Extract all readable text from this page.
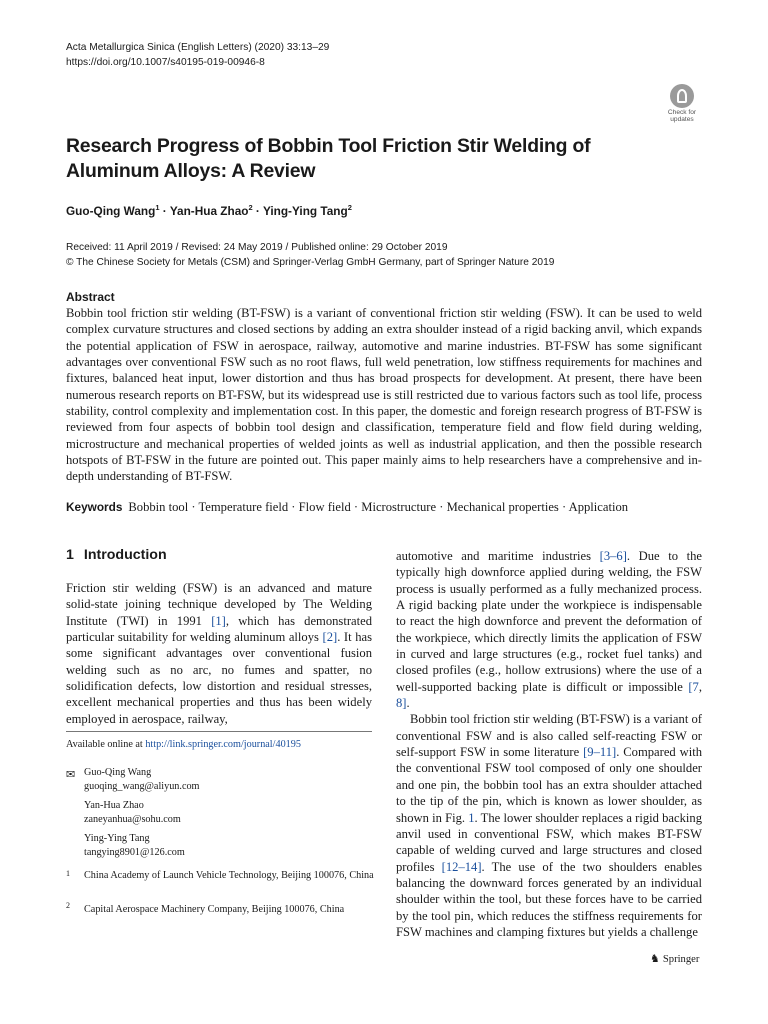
Acta Metallurgica Sinica (English Letters) (2020) 33:13–29
https://doi.org/10.1007/s40195-019-00946-8
Check for
updates
Research Progress of Bobbin Tool Friction Stir Welding of Aluminum Alloys: A Review
Guo-Qing Wang$^1$ · Yan-Hua Zhao$^2$ · Ying-Ying Tang$^2$
Received: 11 April 2019 / Revised: 24 May 2019 / Published online: 29 October 2019
© The Chinese Society for Metals (CSM) and Springer-Verlag GmbH Germany, part of Springer Nature 2019
Abstract
Bobbin tool friction stir welding (BT-FSW) is a variant of conventional friction stir welding (FSW). It can be used to weld complex curvature structures and closed sections by adding an extra shoulder instead of a rigid backing anvil, which expands the potential application of FSW in aerospace, railway, automotive and marine industries. BT-FSW has some significant advantages over conventional FSW such as no root flaws, full weld penetration, low stiffness requirements for machines and fixtures, balanced heat input, lower distortion and thus has broad prospects for development. At present, there have been numerous research reports on BT-FSW, but its widespread use is still restricted due to various factors such as tool life, process stability, control complexity and implementation cost. In this paper, the domestic and foreign research progress of BT-FSW is reviewed from four aspects of bobbin tool design and classification, temperature field and flow field during welding, microstructure and mechanical properties of welded joints as well as industrial application, and then the possible research hotspots of BT-FSW in the future are pointed out. This paper mainly aims to help researchers have a comprehensive and in-depth understanding of BT-FSW.
Keywords Bobbin tool · Temperature field · Flow field · Microstructure · Mechanical properties · Application
1 Introduction
Friction stir welding (FSW) is an advanced and mature solid-state joining technique developed by The Welding Institute (TWI) in 1991 [1], which has demonstrated particular suitability for welding aluminum alloys [2]. It has some significant advantages over conventional fusion welding such as no arc, no fumes and spatter, no solidification defects, low distortion and residual stresses, excellent mechanical properties and thus has been widely employed in aerospace, railway,
automotive and maritime industries [3–6]. Due to the typically high downforce applied during welding, the FSW process is usually performed as a fully mechanized process. A rigid backing plate under the workpiece is indispensable to react the high downforce and prevent the deformation of the workpiece, which directly limits the application of FSW in curved and large structures (e.g., rocket fuel tanks) and closed profiles (e.g., hollow extrusions) where the use of a well-supported backing plate is difficult or impossible [7, 8].
Bobbin tool friction stir welding (BT-FSW) is a variant of conventional FSW and is also called self-reacting FSW or self-support FSW in some literature [9–11]. Compared with the conventional FSW tool composed of only one shoulder and one pin, the bobbin tool has an extra shoulder attached to the tip of the pin, which is known as lower shoulder, as shown in Fig. 1. The lower shoulder replaces a rigid backing anvil used in conventional FSW, which makes BT-FSW capable of welding curved and large structures and closed profiles [12–14]. The use of the two shoulders enables balancing the downward forces generated by an individual shoulder within the tool, but these forces have to be carried by the tool pin, which reduces the stiffness requirements for FSW machines and clamping fixtures but yields a challenge
Available online at http://link.springer.com/journal/40195
✉ Guo-Qing Wang
guoqing_wang@aliyun.com
Yan-Hua Zhao
zaneyanhua@sohu.com
Ying-Ying Tang
tangying8901@126.com
1 China Academy of Launch Vehicle Technology, Beijing 100076, China
2 Capital Aerospace Machinery Company, Beijing 100076, China
♞ Springer
